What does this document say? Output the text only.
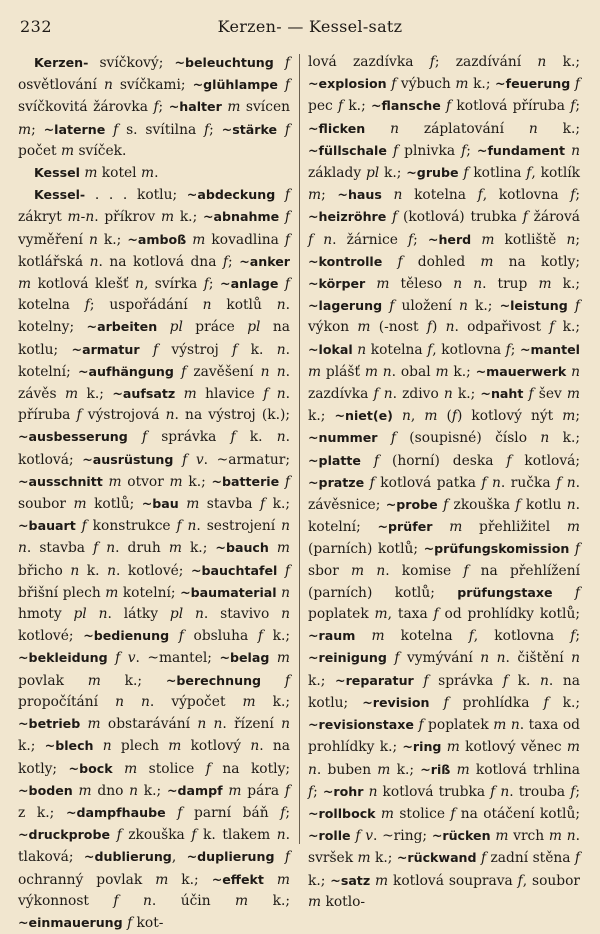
232	Kerzen- — Kessel-satz

Kerzen- svíčkový; ~beleuchtung f osvětlování n svíčkami; ~glühlampe f svíčkovitá žárovka f; ~halter m svícen m; ~laterne f s. svítilna f; ~stärke f počet m svíček.

Kessel m kotel m.

Kessel- . . . kotlu; ~abdeckung f zákryt m-n. příkrov m k.; ~abnahme f vyměření n k.; ~amboß m kovadlina f kotlářská n. na kotlová dna f; ~anker m kotlová klešť n, svírka f; ~anlage f kotelna f; uspořádání n kotlů n. kotelny; ~arbeiten pl práce pl na kotlu; ~armatur f výstroj f k. n. kotelní; ~aufhängung f zavěšení n n. závěs m k.; ~aufsatz m hlavice f n. příruba f výstrojová n. na výstroj (k.); ~ausbesserung f správka f k. n. kotlová; ~ausrüstung f v. ~armatur; ~ausschnitt m otvor m k.; ~batterie f soubor m kotlů; ~bau m stavba f k.; ~bauart f konstrukce f n. sestrojení n n. stavba f n. druh m k.; ~bauch m břicho n k. n. kotlové; ~bauchtafel f břišní plech m kotelní; ~baumaterial n hmoty pl n. látky pl n. stavivo n kotlové; ~bedienung f obsluha f k.; ~bekleidung f v. ~mantel; ~belag m povlak m k.; ~berechnung f propočítání n n. výpočet m k.; ~betrieb m obstarávání n n. řízení n k.; ~blech n plech m kotlový n. na kotly; ~bock m stolice f na kotly; ~boden m dno n k.; ~dampf m pára f z k.; ~dampfhaube f parní báň f; ~druckprobe f zkouška f k. tlakem n. tlaková; ~dublierung, ~duplierung f ochranný povlak m k.; ~effekt m výkonnost f n. účin m k.; ~einmauerung f kot-

lová zazdívka f; zazdívání n k.; ~explosion f výbuch m k.; ~feuerung f pec f k.; ~flansche f kotlová příruba f; ~flicken n záplatování n k.; ~füllschale f plnivka f; ~fundament n základy pl k.; ~grube f kotlina f, kotlík m; ~haus n kotelna f, kotlovna f; ~heizröhre f (kotlová) trubka f žárová f n. žárnice f; ~herd m kotliště n; ~kontrolle f dohled m na kotly; ~körper m těleso n n. trup m k.; ~lagerung f uložení n k.; ~leistung f výkon m (-nost f) n. odpařivost f k.; ~lokal n kotelna f, kotlovna f; ~mantel m plášť m n. obal m k.; ~mauerwerk n zazdívka f n. zdivo n k.; ~naht f šev m k.; ~niet(e) n, m (f) kotlový nýt m; ~nummer f (soupisné) číslo n k.; ~platte f (horní) deska f kotlová; ~pratze f kotlová patka f n. ručka f n. závěsnice; ~probe f zkouška f kotlu n. kotelní; ~prüfer m přehližitel m (parních) kotlů; ~prüfungskomission f sbor m n. komise f na přehlížení (parních) kotlů; prüfungstaxe f poplatek m, taxa f od prohlídky kotlů; ~raum m kotelna f, kotlovna f; ~reinigung f vymývání n n. čištění n k.; ~reparatur f správka f k. n. na kotlu; ~revision f prohlídka f k.; ~revisionstaxe f poplatek m n. taxa od prohlídky k.; ~ring m kotlový věnec m n. buben m k.; ~riß m kotlová trhlina f; ~rohr n kotlová trubka f n. trouba f; ~rollbock m stolice f na otáčení kotlů; ~rolle f v. ~ring; ~rücken m vrch m n. svršek m k.; ~rückwand f zadní stěna f k.; ~satz m kotlová souprava f, soubor m kotlo-
